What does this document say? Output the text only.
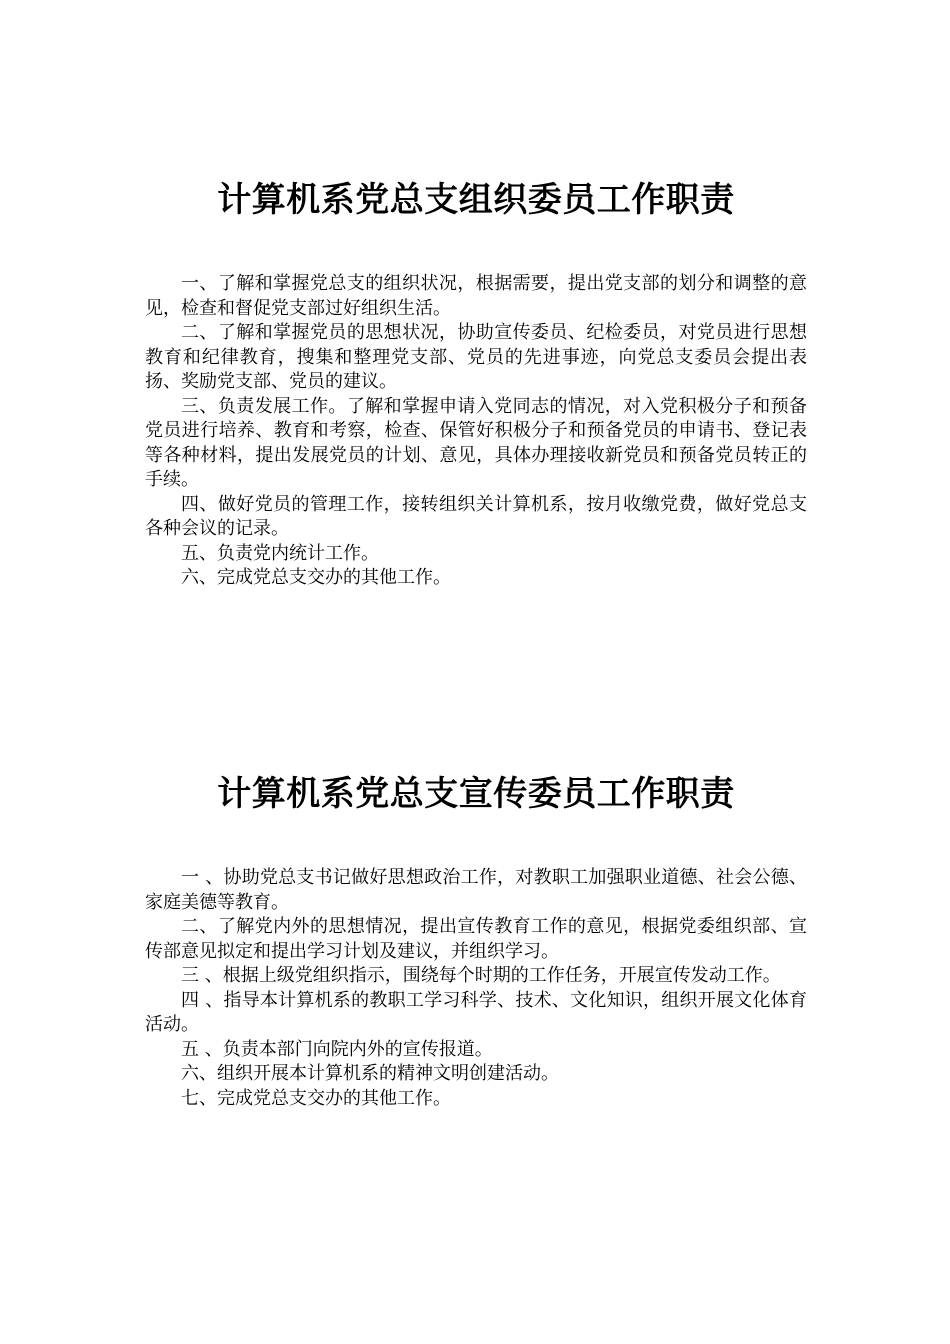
计算机系党总支组织委员工作职责

一、了解和掌握党总支的组织状况，根据需要，提出党支部的划分和调整的意见，检查和督促党支部过好组织生活。

二、了解和掌握党员的思想状况，协助宣传委员、纪检委员，对党员进行思想教育和纪律教育，搜集和整理党支部、党员的先进事迹，向党总支委员会提出表扬、奖励党支部、党员的建议。

三、负责发展工作。了解和掌握申请入党同志的情况，对入党积极分子和预备党员进行培养、教育和考察，检查、保管好积极分子和预备党员的申请书、登记表等各种材料，提出发展党员的计划、意见，具体办理接收新党员和预备党员转正的手续。

四、做好党员的管理工作，接转组织关计算机系，按月收缴党费，做好党总支各种会议的记录。

五、负责党内统计工作。

六、完成党总支交办的其他工作。

计算机系党总支宣传委员工作职责

一 、协助党总支书记做好思想政治工作，对教职工加强职业道德、社会公德、家庭美德等教育。

二、了解党内外的思想情况，提出宣传教育工作的意见，根据党委组织部、宣传部意见拟定和提出学习计划及建议，并组织学习。

三 、根据上级党组织指示，围绕每个时期的工作任务，开展宣传发动工作。

四 、指导本计算机系的教职工学习科学、技术、文化知识，组织开展文化体育活动。

五 、负责本部门向院内外的宣传报道。

六、组织开展本计算机系的精神文明创建活动。

七、完成党总支交办的其他工作。
